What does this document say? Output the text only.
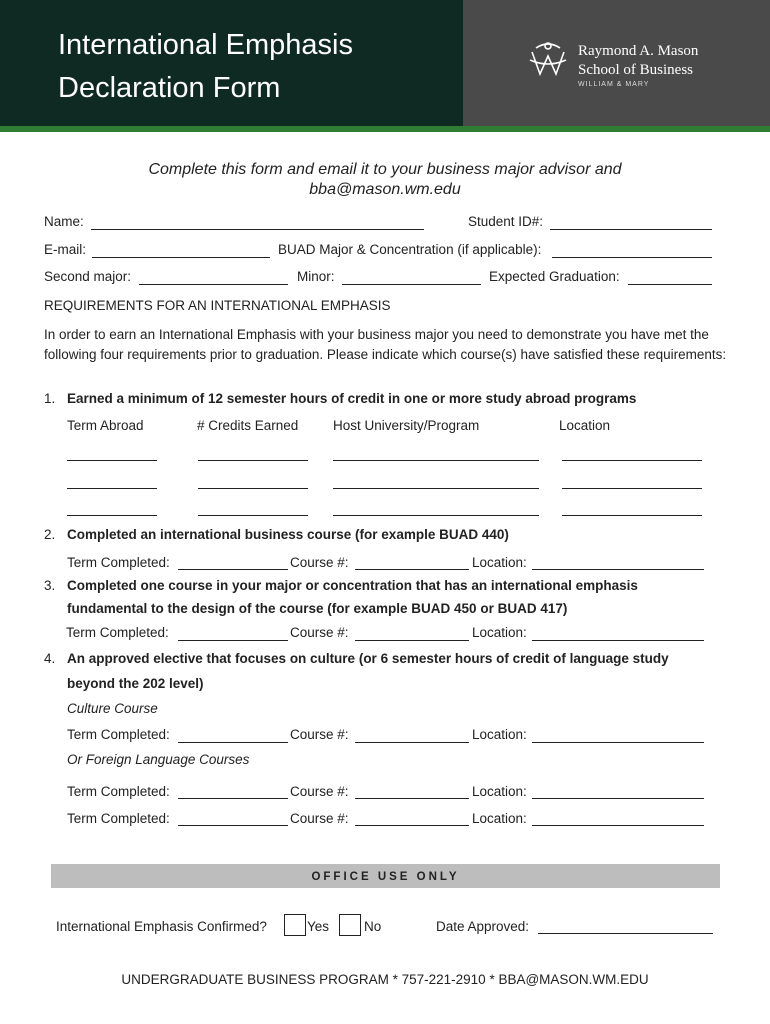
International Emphasis
Declaration Form
Raymond A. Mason
School of Business
WILLIAM & MARY
Complete this form and email it to your business major advisor and
bba@mason.wm.edu
Name:	Student ID#:
E-mail:	BUAD Major & Concentration (if applicable):
Second major:	Minor:	Expected Graduation:
REQUIREMENTS FOR AN INTERNATIONAL EMPHASIS
In order to earn an International Emphasis with your business major you need to demonstrate you have met the following four requirements prior to graduation. Please indicate which course(s) have satisfied these requirements:
1. Earned a minimum of 12 semester hours of credit in one or more study abroad programs
Term Abroad	# Credits Earned	Host University/Program	Location
2. Completed an international business course (for example BUAD 440)
Term Completed:	Course #:	Location:
3. Completed one course in your major or concentration that has an international emphasis
fundamental to the design of the course (for example BUAD 450 or BUAD 417)
Term Completed:	Course #:	Location:
4. An approved elective that focuses on culture (or 6 semester hours of credit of language study
beyond the 202 level)
Culture Course
Term Completed:	Course #:	Location:
Or Foreign Language Courses
Term Completed:	Course #:	Location:
Term Completed:	Course #:	Location:
OFFICE USE ONLY
International Emphasis Confirmed?	Yes	No	Date Approved:
UNDERGRADUATE BUSINESS PROGRAM * 757-221-2910 * BBA@MASON.WM.EDU
